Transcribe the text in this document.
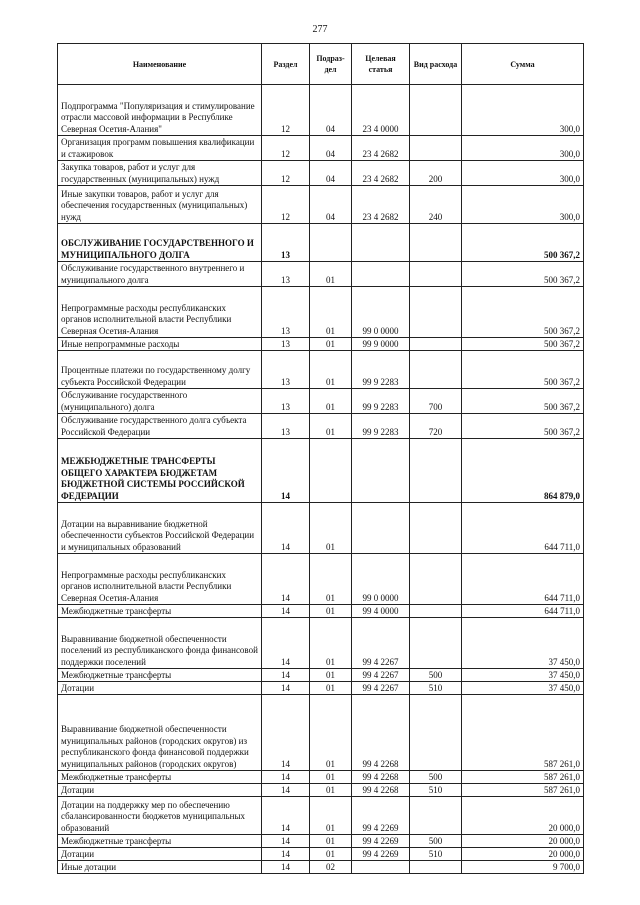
277
Наименование	Раздел	Подраз-дел	Целевая статья	Вид расхода	Сумма
Подпрограмма "Популяризация и стимулирование отрасли массовой информации в Республике Северная Осетия-Алания"	12	04	23 4 0000		300,0
Организация программ повышения квалификации и стажировок	12	04	23 4 2682		300,0
Закупка товаров, работ и услуг для государственных (муниципальных) нужд	12	04	23 4 2682	200	300,0
Иные закупки товаров, работ и услуг для обеспечения государственных (муниципальных) нужд	12	04	23 4 2682	240	300,0
ОБСЛУЖИВАНИЕ ГОСУДАРСТВЕННОГО И МУНИЦИПАЛЬНОГО ДОЛГА	13				500 367,2
Обслуживание государственного внутреннего и муниципального долга	13	01			500 367,2
Непрограммные расходы республиканских органов исполнительной власти Республики Северная Осетия-Алания	13	01	99 0 0000		500 367,2
Иные непрограммные расходы	13	01	99 9 0000		500 367,2
Процентные платежи по государственному долгу субъекта Российской Федерации	13	01	99 9 2283		500 367,2
Обслуживание государственного (муниципального) долга	13	01	99 9 2283	700	500 367,2
Обслуживание государственного долга субъекта Российской Федерации	13	01	99 9 2283	720	500 367,2
МЕЖБЮДЖЕТНЫЕ ТРАНСФЕРТЫ ОБЩЕГО ХАРАКТЕРА БЮДЖЕТАМ БЮДЖЕТНОЙ СИСТЕМЫ РОССИЙСКОЙ ФЕДЕРАЦИИ	14				864 879,0
Дотации на выравнивание бюджетной обеспеченности субъектов Российской Федерации и муниципальных образований	14	01			644 711,0
Непрограммные расходы республиканских органов исполнительной власти Республики Северная Осетия-Алания	14	01	99 0 0000		644 711,0
Межбюджетные трансферты	14	01	99 4 0000		644 711,0
Выравнивание бюджетной обеспеченности поселений из республиканского фонда финансовой поддержки поселений	14	01	99 4 2267		37 450,0
Межбюджетные трансферты	14	01	99 4 2267	500	37 450,0
Дотации	14	01	99 4 2267	510	37 450,0
Выравнивание бюджетной обеспеченности муниципальных районов (городских округов) из республиканского фонда финансовой поддержки муниципальных районов (городских округов)	14	01	99 4 2268		587 261,0
Межбюджетные трансферты	14	01	99 4 2268	500	587 261,0
Дотации	14	01	99 4 2268	510	587 261,0
Дотации на поддержку мер по обеспечению сбалансированности бюджетов муниципальных образований	14	01	99 4 2269		20 000,0
Межбюджетные трансферты	14	01	99 4 2269	500	20 000,0
Дотации	14	01	99 4 2269	510	20 000,0
Иные дотации	14	02			9 700,0
